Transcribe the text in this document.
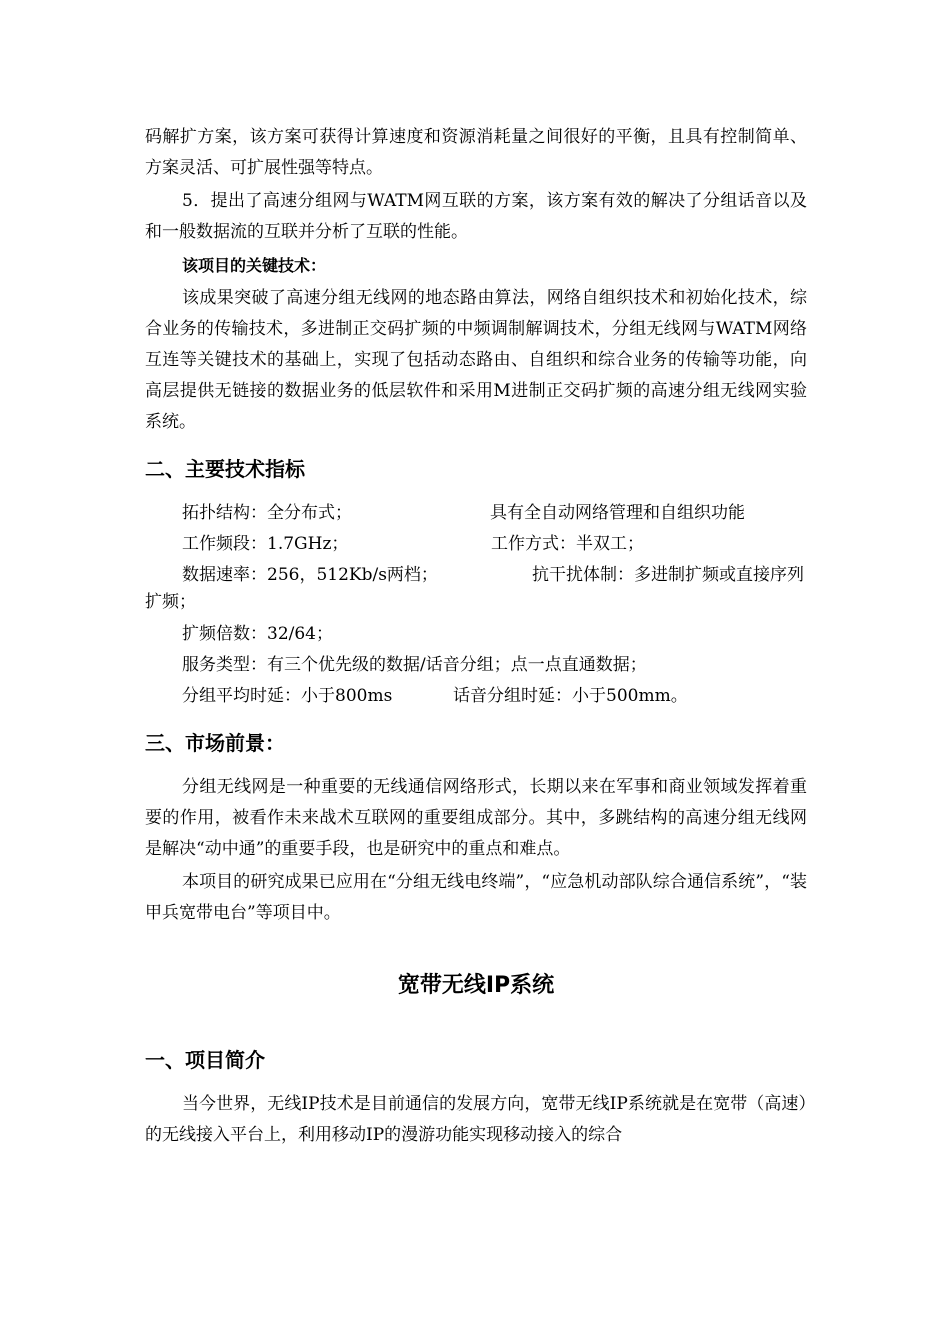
码解扩方案，该方案可获得计算速度和资源消耗量之间很好的平衡，且具有控制简单、方案灵活、可扩展性强等特点。

5．提出了高速分组网与WATM网互联的方案，该方案有效的解决了分组话音以及和一般数据流的互联并分析了互联的性能。

该项目的关键技术：

该成果突破了高速分组无线网的地态路由算法，网络自组织技术和初始化技术，综合业务的传输技术，多进制正交码扩频的中频调制解调技术，分组无线网与WATM网络互连等关键技术的基础上，实现了包括动态路由、自组织和综合业务的传输等功能，向高层提供无链接的数据业务的低层软件和采用M进制正交码扩频的高速分组无线网实验系统。

二、主要技术指标
拓扑结构：全分布式；	具有全自动网络管理和自组织功能
工作频段：1.7GHz；	工作方式：半双工；
数据速率：256，512Kb/s两档；	抗干扰体制：多进制扩频或直接序列
扩频；
扩频倍数：32/64；
服务类型：有三个优先级的数据/话音分组；点一点直通数据；
分组平均时延：小于800ms	话音分组时延：小于500mm。
三、市场前景：

分组无线网是一种重要的无线通信网络形式，长期以来在军事和商业领域发挥着重要的作用，被看作未来战术互联网的重要组成部分。其中，多跳结构的高速分组无线网是解决“动中通”的重要手段，也是研究中的重点和难点。

本项目的研究成果已应用在“分组无线电终端”，“应急机动部队综合通信系统”，“装甲兵宽带电台”等项目中。

宽带无线IP系统
一、项目简介

当今世界，无线IP技术是目前通信的发展方向，宽带无线IP系统就是在宽带（高速）的无线接入平台上，利用移动IP的漫游功能实现移动接入的综合
